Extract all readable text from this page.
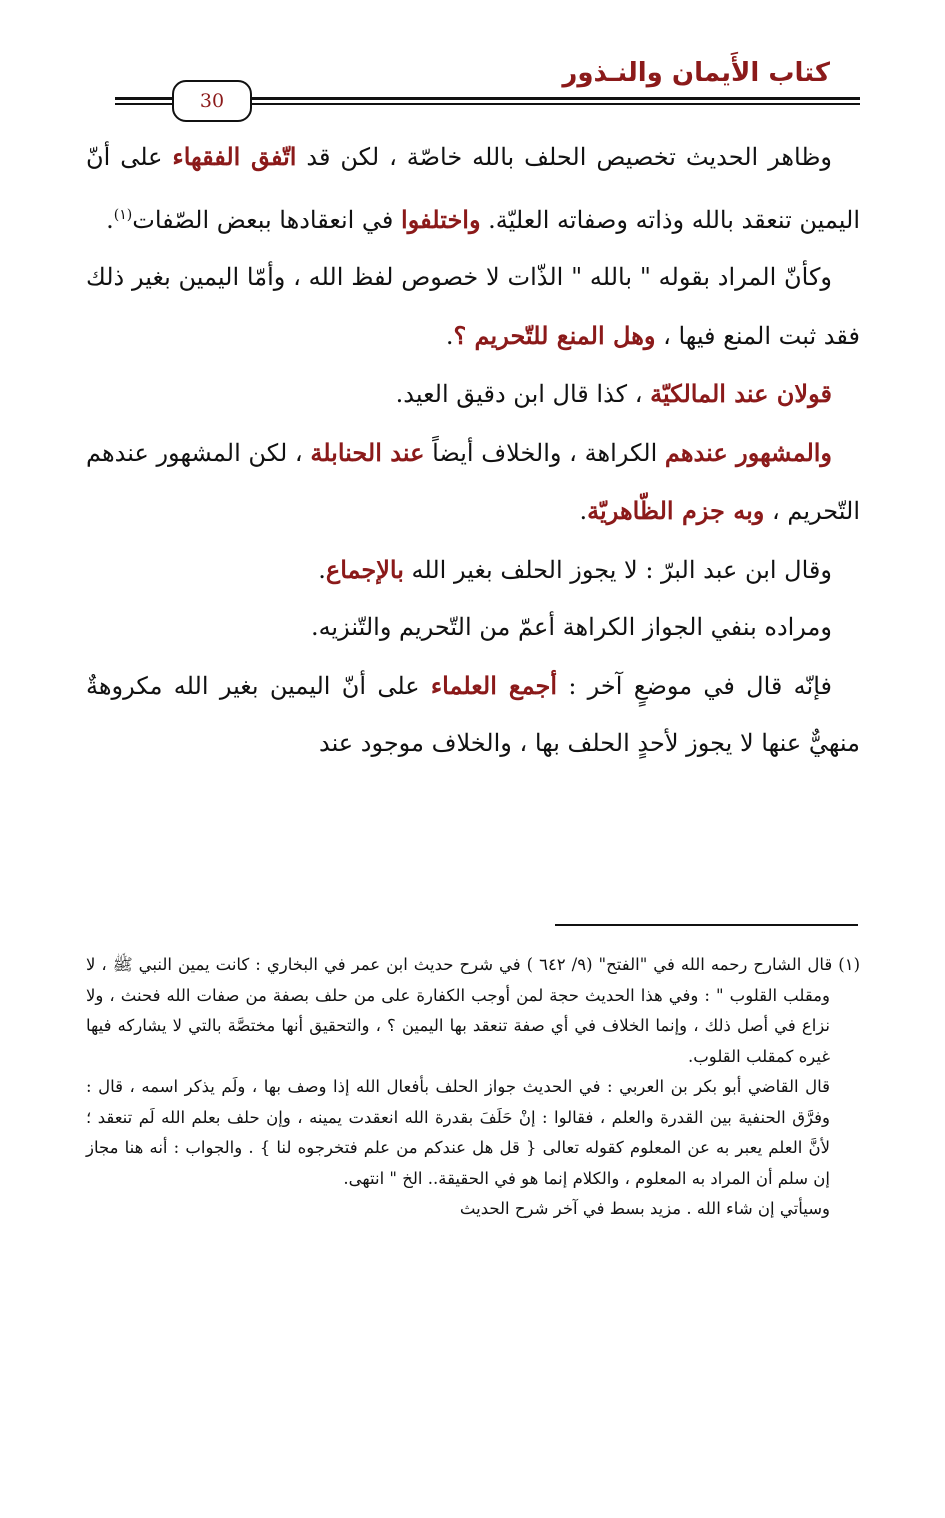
كتاب الأَيمان والنـذور
30

وظاهر الحديث تخصيص الحلف بالله خاصّة ، لكن قد اتّفق الفقهاء على أنّ اليمين تنعقد بالله وذاته وصفاته العليّة. واختلفوا في انعقادها ببعض الصّفات$^{(١)}$.

وكأنّ المراد بقوله " بالله " الذّات لا خصوص لفظ الله ، وأمّا اليمين بغير ذلك فقد ثبت المنع فيها ، وهل المنع للتّحريم ؟.

قولان عند المالكيّة ، كذا قال ابن دقيق العيد.

والمشهور عندهم الكراهة ، والخلاف أيضاً عند الحنابلة ، لكن المشهور عندهم التّحريم ، وبه جزم الظّاهريّة.

وقال ابن عبد البرّ : لا يجوز الحلف بغير الله بالإجماع.

ومراده بنفي الجواز الكراهة أعمّ من التّحريم والتّنزيه.

فإنّه قال في موضعٍ آخر : أجمع العلماء على أنّ اليمين بغير الله مكروهةٌ منهيٌّ عنها لا يجوز لأحدٍ الحلف بها ، والخلاف موجود عند

(١) قال الشارح رحمه الله في "الفتح" (٩/ ٦٤٢ ) في شرح حديث ابن عمر في البخاري : كانت يمين النبي ﷺ ، لا ومقلب القلوب " : وفي هذا الحديث حجة لمن أوجب الكفارة على من حلف بصفة من صفات الله فحنث ، ولا نزاع في أصل ذلك ، وإنما الخلاف في أي صفة تنعقد بها اليمين ؟ ، والتحقيق أنها مختصَّة بالتي لا يشاركه فيها غيره كمقلب القلوب.

قال القاضي أبو بكر بن العربي : في الحديث جواز الحلف بأفعال الله إذا وصف بها ، ولَم يذكر اسمه ، قال : وفرَّق الحنفية بين القدرة والعلم ، فقالوا : إنْ حَلَفَ بقدرة الله انعقدت يمينه ، وإن حلف بعلم الله لَم تنعقد ؛ لأنَّ العلم يعبر به عن المعلوم كقوله تعالى { قل هل عندكم من علم فتخرجوه لنا } . والجواب : أنه هنا مجاز إن سلم أن المراد به المعلوم ، والكلام إنما هو في الحقيقة.. الخ " انتهى.

وسيأتي إن شاء الله . مزيد بسط في آخر شرح الحديث
